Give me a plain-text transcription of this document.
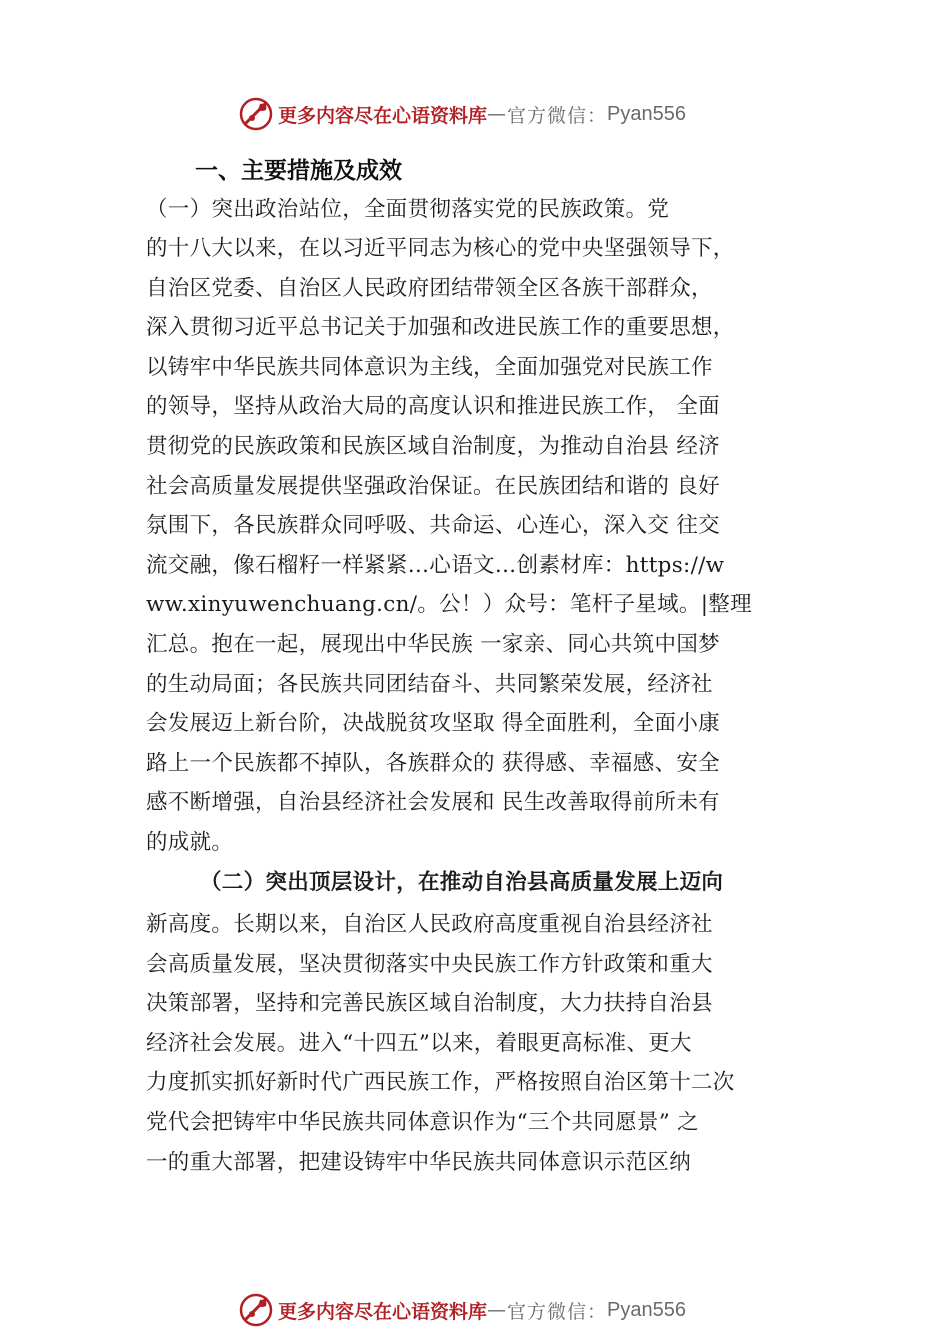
更多内容尽在心语资料库 — 官方微信： Pyan556
一、主要措施及成效
（一）突出政治站位，全面贯彻落实党的民族政策。党
的十八大以来，在以习近平同志为核心的党中央坚强领导下，
自治区党委、自治区人民政府团结带领全区各族干部群众，
深入贯彻习近平总书记关于加强和改进民族工作的重要思想，
以铸牢中华民族共同体意识为主线，全面加强党对民族工作
的领导，坚持从政治大局的高度认识和推进民族工作， 全面
贯彻党的民族政策和民族区域自治制度，为推动自治县 经济
社会高质量发展提供坚强政治保证。在民族团结和谐的 良好
氛围下，各民族群众同呼吸、共命运、心连心，深入交 往交
流交融，像石榴籽一样紧紧…心语文…创素材库：https://w
ww.xinyuwenchuang.cn/。公！）众号：笔杆子星域。|整理
汇总。抱在一起，展现出中华民族 一家亲、同心共筑中国梦
的生动局面；各民族共同团结奋斗、共同繁荣发展，经济社
会发展迈上新台阶，决战脱贫攻坚取 得全面胜利，全面小康
路上一个民族都不掉队，各族群众的 获得感、幸福感、安全
感不断增强，自治县经济社会发展和 民生改善取得前所未有
的成就。
（二）突出顶层设计，在推动自治县高质量发展上迈向
新高度。长期以来，自治区人民政府高度重视自治县经济社
会高质量发展，坚决贯彻落实中央民族工作方针政策和重大
决策部署，坚持和完善民族区域自治制度，大力扶持自治县
经济社会发展。进入“十四五”以来，着眼更高标准、更大
力度抓实抓好新时代广西民族工作，严格按照自治区第十二次
党代会把铸牢中华民族共同体意识作为“三个共同愿景” 之
一的重大部署，把建设铸牢中华民族共同体意识示范区纳
更多内容尽在心语资料库 — 官方微信： Pyan556
